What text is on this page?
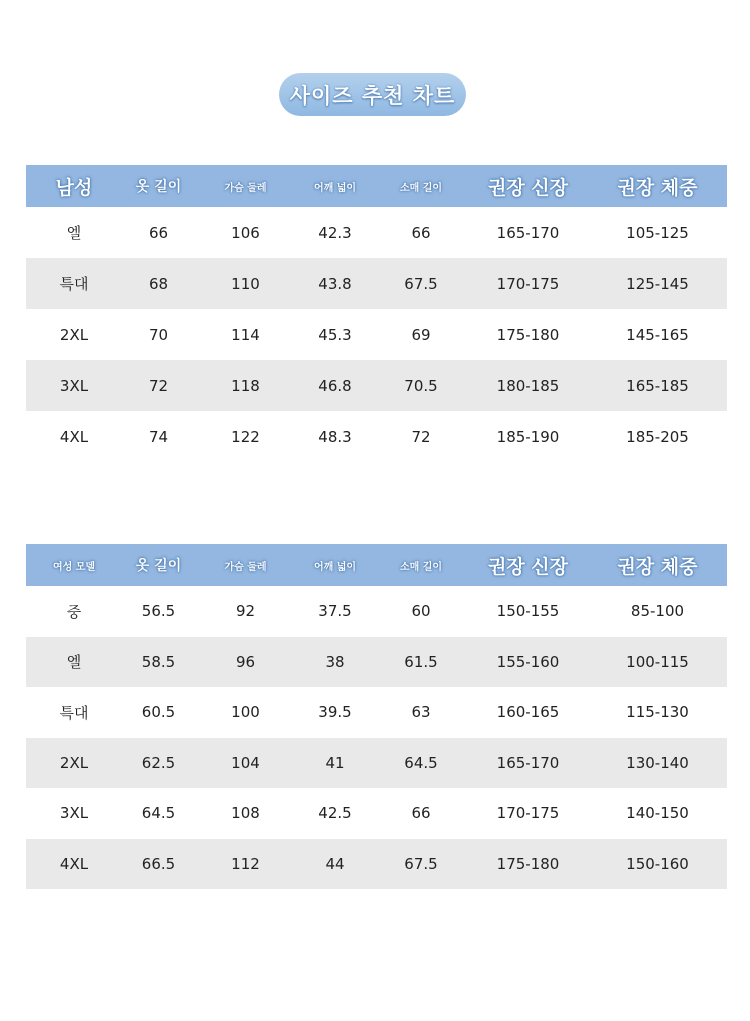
사이즈 추천 차트
남성	옷 길이	가슴 둘레	어깨 넓이	소매 길이	권장 신장	권장 체중
엘	66	106	42.3	66	165-170	105-125
특대	68	110	43.8	67.5	170-175	125-145
2XL	70	114	45.3	69	175-180	145-165
3XL	72	118	46.8	70.5	180-185	165-185
4XL	74	122	48.3	72	185-190	185-205
여성 모델	옷 길이	가슴 둘레	어깨 넓이	소매 길이	권장 신장	권장 체중
중	56.5	92	37.5	60	150-155	85-100
엘	58.5	96	38	61.5	155-160	100-115
특대	60.5	100	39.5	63	160-165	115-130
2XL	62.5	104	41	64.5	165-170	130-140
3XL	64.5	108	42.5	66	170-175	140-150
4XL	66.5	112	44	67.5	175-180	150-160
